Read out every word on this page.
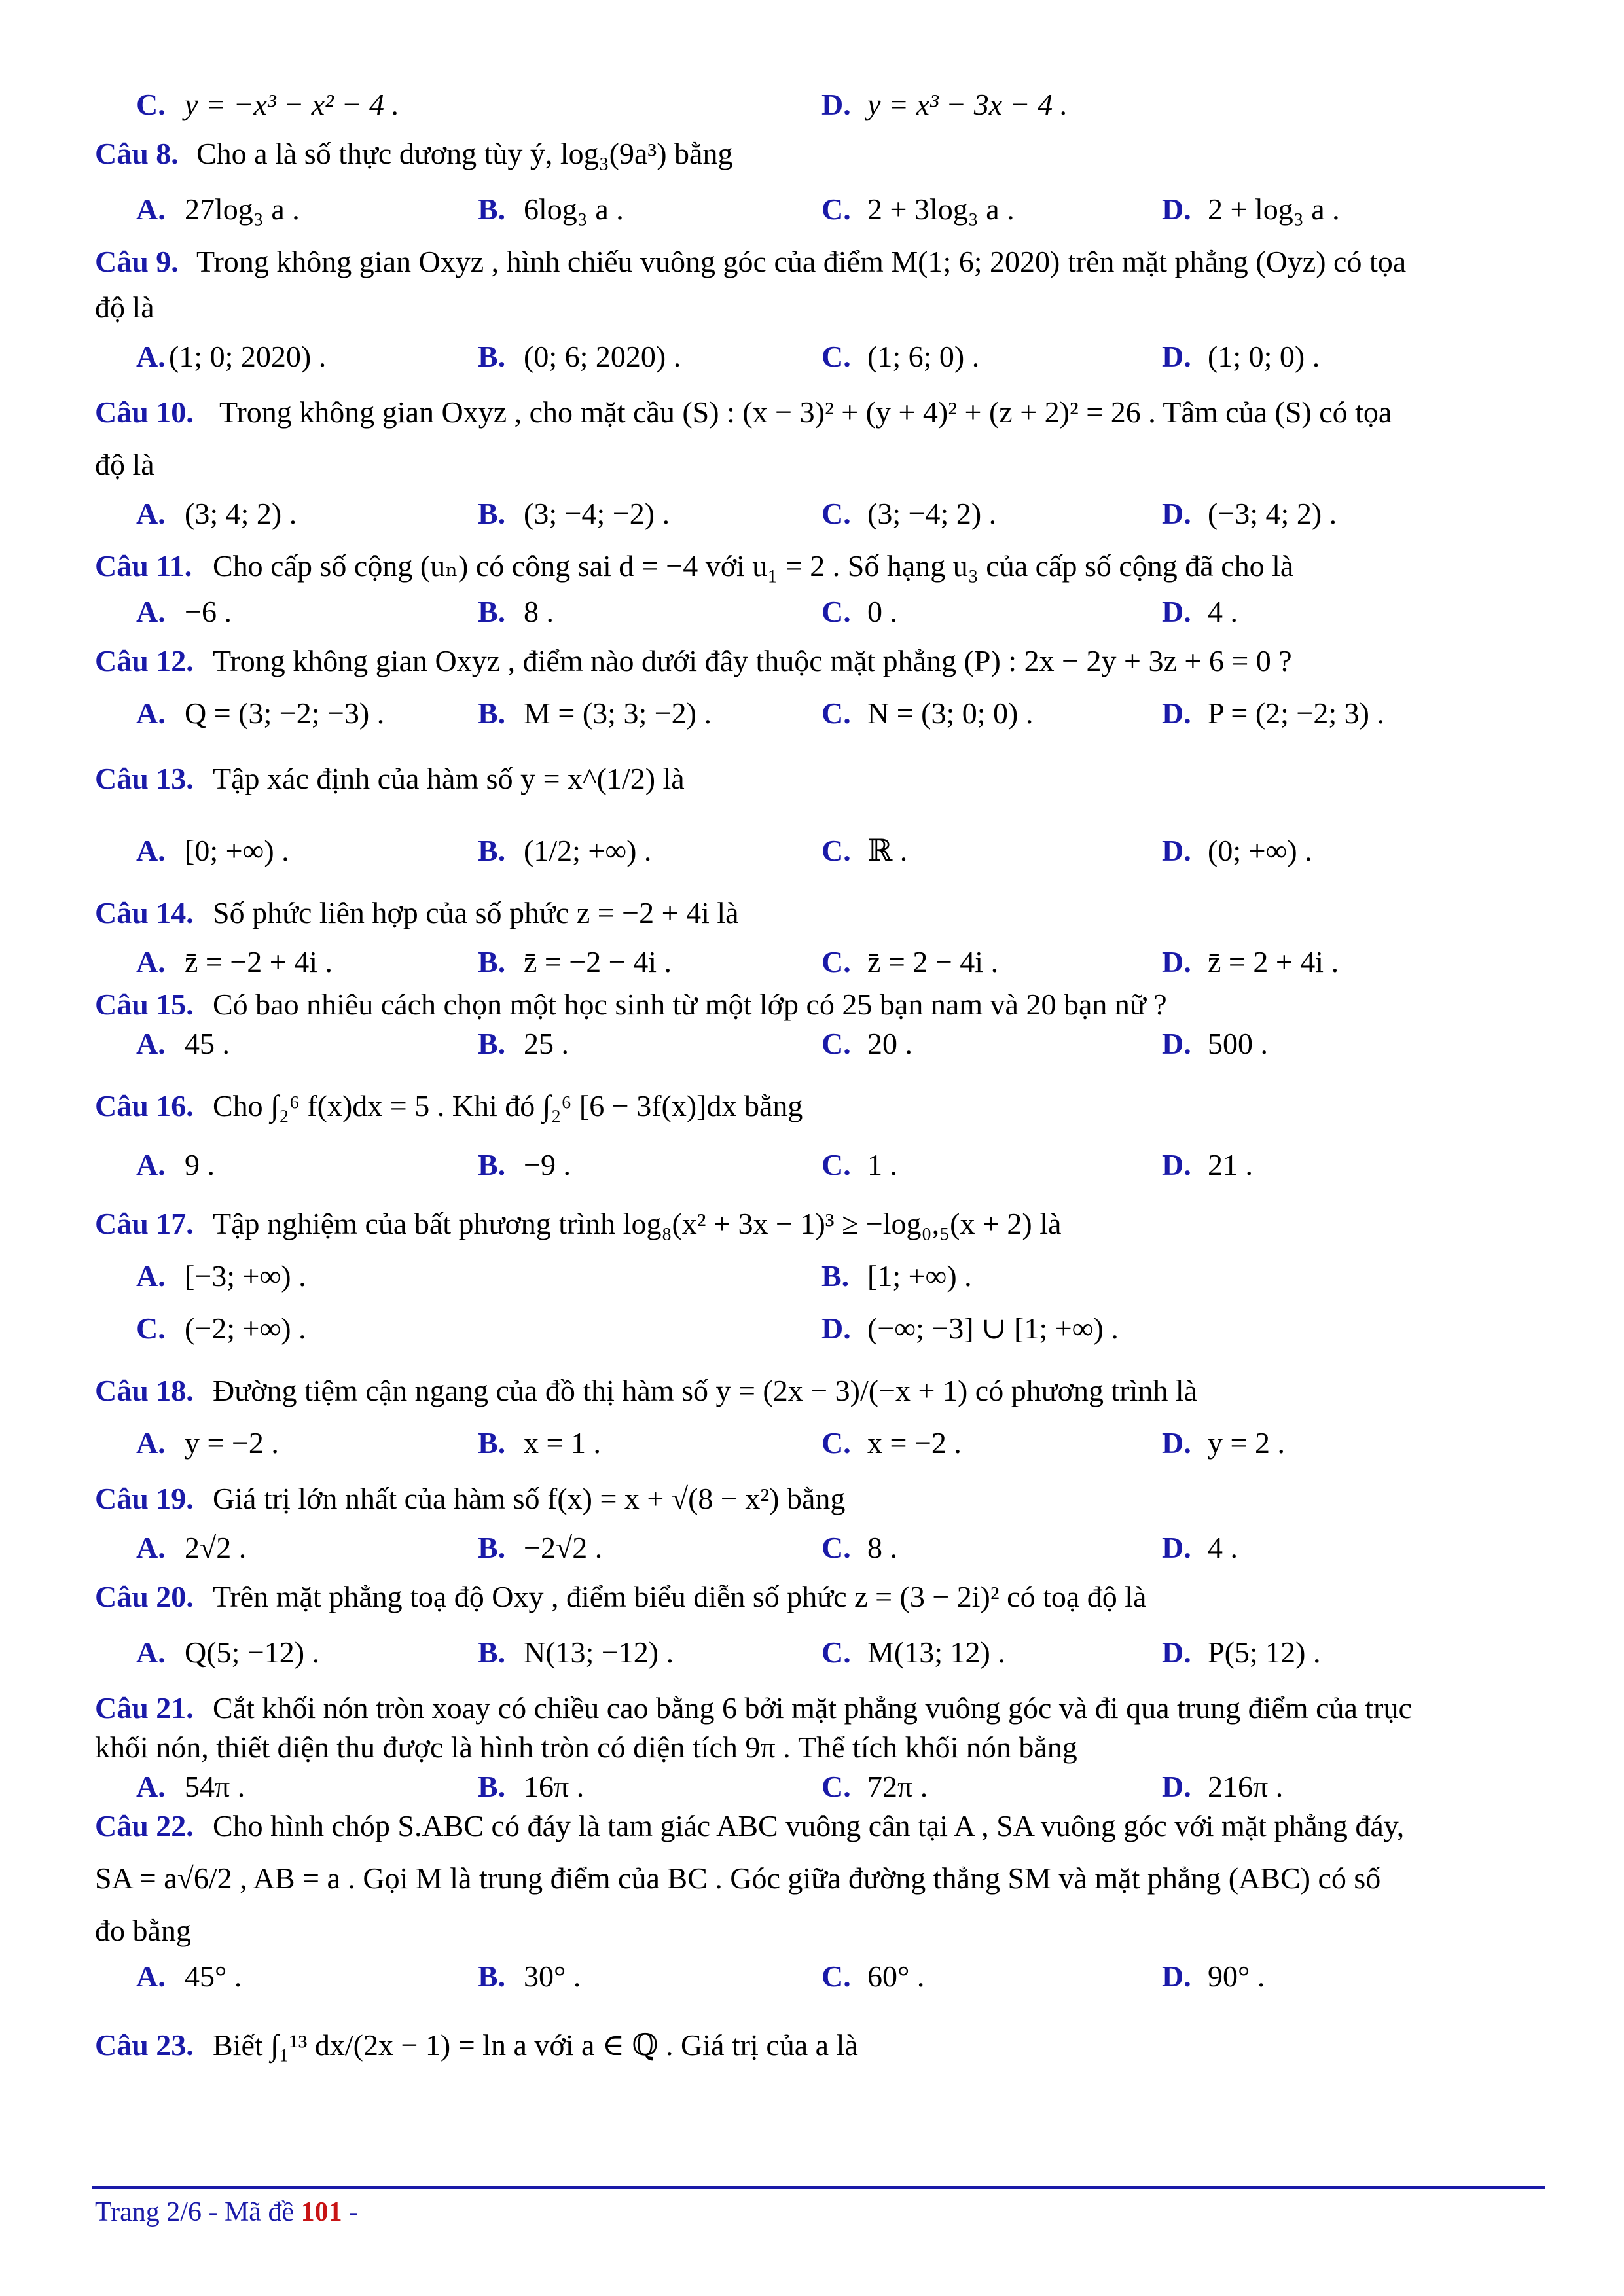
C. y = −x³ − x² − 4 .	D. y = x³ − 3x − 4 .
Câu 8. Cho a là số thực dương tùy ý, log₃(9a³) bằng
A. 27log₃ a .	B. 6log₃ a .	C. 2 + 3log₃ a .	D. 2 + log₃ a .
Câu 9. Trong không gian Oxyz , hình chiếu vuông góc của điểm M(1; 6; 2020) trên mặt phẳng (Oyz) có tọa
độ là
A. (1; 0; 2020) .	B. (0; 6; 2020) .	C. (1; 6; 0) .	D. (1; 0; 0) .
Câu 10. Trong không gian Oxyz , cho mặt cầu (S) : (x − 3)² + (y + 4)² + (z + 2)² = 26 . Tâm của (S) có tọa
độ là
A. (3; 4; 2) .	B. (3; −4; −2) .	C. (3; −4; 2) .	D. (−3; 4; 2) .
Câu 11. Cho cấp số cộng (uₙ) có công sai d = −4 với u₁ = 2 . Số hạng u₃ của cấp số cộng đã cho là
A. −6 .	B. 8 .	C. 0 .	D. 4 .
Câu 12. Trong không gian Oxyz , điểm nào dưới đây thuộc mặt phẳng (P) : 2x − 2y + 3z + 6 = 0 ?
A. Q = (3; −2; −3) .	B. M = (3; 3; −2) .	C. N = (3; 0; 0) .	D. P = (2; −2; 3) .
Câu 13. Tập xác định của hàm số y = x^(1/2) là
A. [0; +∞) .	B. (1/2; +∞) .	C. ℝ .	D. (0; +∞) .
Câu 14. Số phức liên hợp của số phức z = −2 + 4i là
A. z̄ = −2 + 4i .	B. z̄ = −2 − 4i .	C. z̄ = 2 − 4i .	D. z̄ = 2 + 4i .
Câu 15. Có bao nhiêu cách chọn một học sinh từ một lớp có 25 bạn nam và 20 bạn nữ ?
A. 45 .	B. 25 .	C. 20 .	D. 500 .
Câu 16. Cho ∫₂⁶ f(x)dx = 5 . Khi đó ∫₂⁶ [6 − 3f(x)]dx bằng
A. 9 .	B. −9 .	C. 1 .	D. 21 .
Câu 17. Tập nghiệm của bất phương trình log₈(x² + 3x − 1)³ ≥ −log₀,₅(x + 2) là
A. [−3; +∞) .	B. [1; +∞) .
C. (−2; +∞) .	D. (−∞; −3] ∪ [1; +∞) .
Câu 18. Đường tiệm cận ngang của đồ thị hàm số y = (2x − 3)/(−x + 1) có phương trình là
A. y = −2 .	B. x = 1 .	C. x = −2 .	D. y = 2 .
Câu 19. Giá trị lớn nhất của hàm số f(x) = x + √(8 − x²) bằng
A. 2√2 .	B. −2√2 .	C. 8 .	D. 4 .
Câu 20. Trên mặt phẳng toạ độ Oxy , điểm biểu diễn số phức z = (3 − 2i)² có toạ độ là
A. Q(5; −12) .	B. N(13; −12) .	C. M(13; 12) .	D. P(5; 12) .
Câu 21. Cắt khối nón tròn xoay có chiều cao bằng 6 bởi mặt phẳng vuông góc và đi qua trung điểm của trục
khối nón, thiết diện thu được là hình tròn có diện tích 9π . Thể tích khối nón bằng
A. 54π .	B. 16π .	C. 72π .	D. 216π .
Câu 22. Cho hình chóp S.ABC có đáy là tam giác ABC vuông cân tại A , SA vuông góc với mặt phẳng đáy,
SA = a√6/2 , AB = a . Gọi M là trung điểm của BC . Góc giữa đường thẳng SM và mặt phẳng (ABC) có số
đo bằng
A. 45° .	B. 30° .	C. 60° .	D. 90° .
Câu 23. Biết ∫₁¹³ dx/(2x − 1) = ln a với a ∈ ℚ . Giá trị của a là
Trang 2/6 - Mã đề 101 -
